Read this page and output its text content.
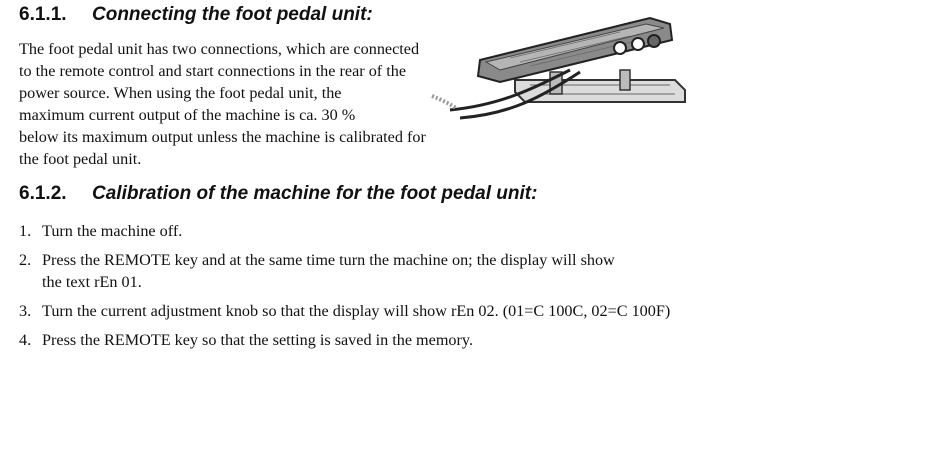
6.1.1. Connecting the foot pedal unit:

The foot pedal unit has two connections, which are connected
to the remote control and start connections in the rear of the
power source. When using the foot pedal unit, the
maximum current output of the machine is ca. 30 %
below its maximum output unless the machine is calibrated for
the foot pedal unit.

6.1.2. Calibration of the machine for the foot pedal unit:
1. Turn the machine off.
2. Press the REMOTE key and at the same time turn the machine on; the display will show
the text rEn 01.
3. Turn the current adjustment knob so that the display will show rEn 02. (01=C 100C, 02=C 100F)
4. Press the REMOTE key so that the setting is saved in the memory.
